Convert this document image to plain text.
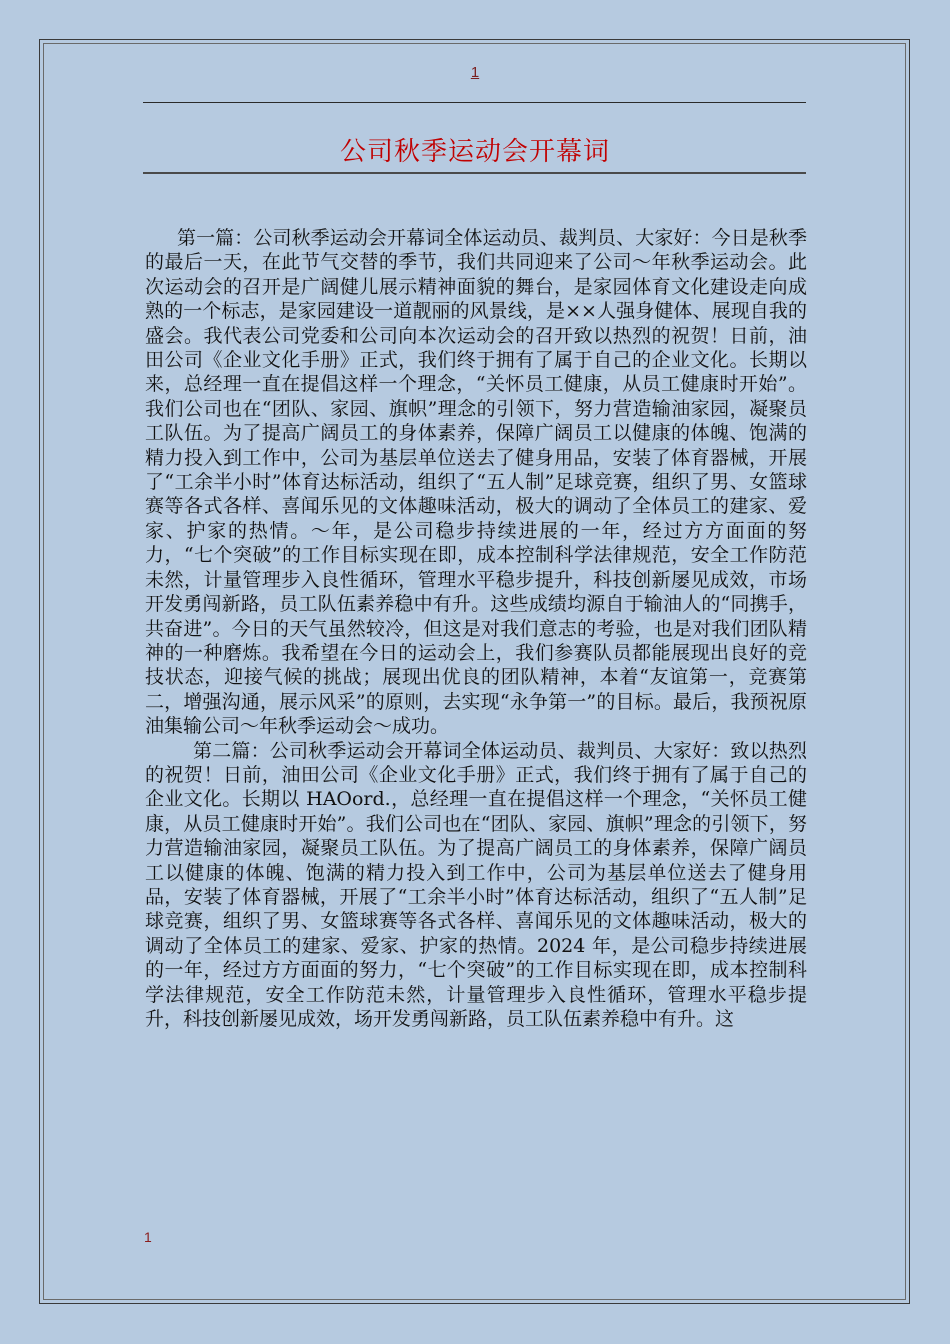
1
公司秋季运动会开幕词

第一篇：公司秋季运动会开幕词全体运动员、裁判员、大家好：今日是秋季的最后一天，在此节气交替的季节，我们共同迎来了公司～年秋季运动会。此次运动会的召开是广阔健儿展示精神面貌的舞台，是家园体育文化建设走向成熟的一个标志，是家园建设一道靓丽的风景线，是××人强身健体、展现自我的盛会。我代表公司党委和公司向本次运动会的召开致以热烈的祝贺！日前，油田公司《企业文化手册》正式，我们终于拥有了属于自己的企业文化。长期以来，总经理一直在提倡这样一个理念，“关怀员工健康，从员工健康时开始”。我们公司也在“团队、家园、旗帜”理念的引领下，努力营造输油家园，凝聚员工队伍。为了提高广阔员工的身体素养，保障广阔员工以健康的体魄、饱满的精力投入到工作中，公司为基层单位送去了健身用品，安装了体育器械，开展了“工余半小时”体育达标活动，组织了“五人制”足球竞赛，组织了男、女篮球赛等各式各样、喜闻乐见的文体趣味活动，极大的调动了全体员工的建家、爱家、护家的热情。～年，是公司稳步持续进展的一年，经过方方面面的努力，“七个突破”的工作目标实现在即，成本控制科学法律规范，安全工作防范未然，计量管理步入良性循环，管理水平稳步提升，科技创新屡见成效，市场开发勇闯新路，员工队伍素养稳中有升。这些成绩均源自于输油人的“同携手，共奋进”。今日的天气虽然较冷，但这是对我们意志的考验，也是对我们团队精神的一种磨炼。我希望在今日的运动会上，我们参赛队员都能展现出良好的竞技状态，迎接气候的挑战；展现出优良的团队精神，本着“友谊第一，竞赛第二，增强沟通，展示风采”的原则，去实现“永争第一”的目标。最后，我预祝原油集输公司～年秋季运动会～成功。

第二篇：公司秋季运动会开幕词全体运动员、裁判员、大家好：致以热烈的祝贺！日前，油田公司《企业文化手册》正式，我们终于拥有了属于自己的企业文化。长期以 HAOord.，总经理一直在提倡这样一个理念，“关怀员工健康，从员工健康时开始”。我们公司也在“团队、家园、旗帜”理念的引领下，努力营造输油家园，凝聚员工队伍。为了提高广阔员工的身体素养，保障广阔员工以健康的体魄、饱满的精力投入到工作中，公司为基层单位送去了健身用品，安装了体育器械，开展了“工余半小时”体育达标活动，组织了“五人制”足球竞赛，组织了男、女篮球赛等各式各样、喜闻乐见的文体趣味活动，极大的调动了全体员工的建家、爱家、护家的热情。2024 年，是公司稳步持续进展的一年，经过方方面面的努力，“七个突破”的工作目标实现在即，成本控制科学法律规范，安全工作防范未然，计量管理步入良性循环，管理水平稳步提升，科技创新屡见成效，场开发勇闯新路，员工队伍素养稳中有升。这

1
